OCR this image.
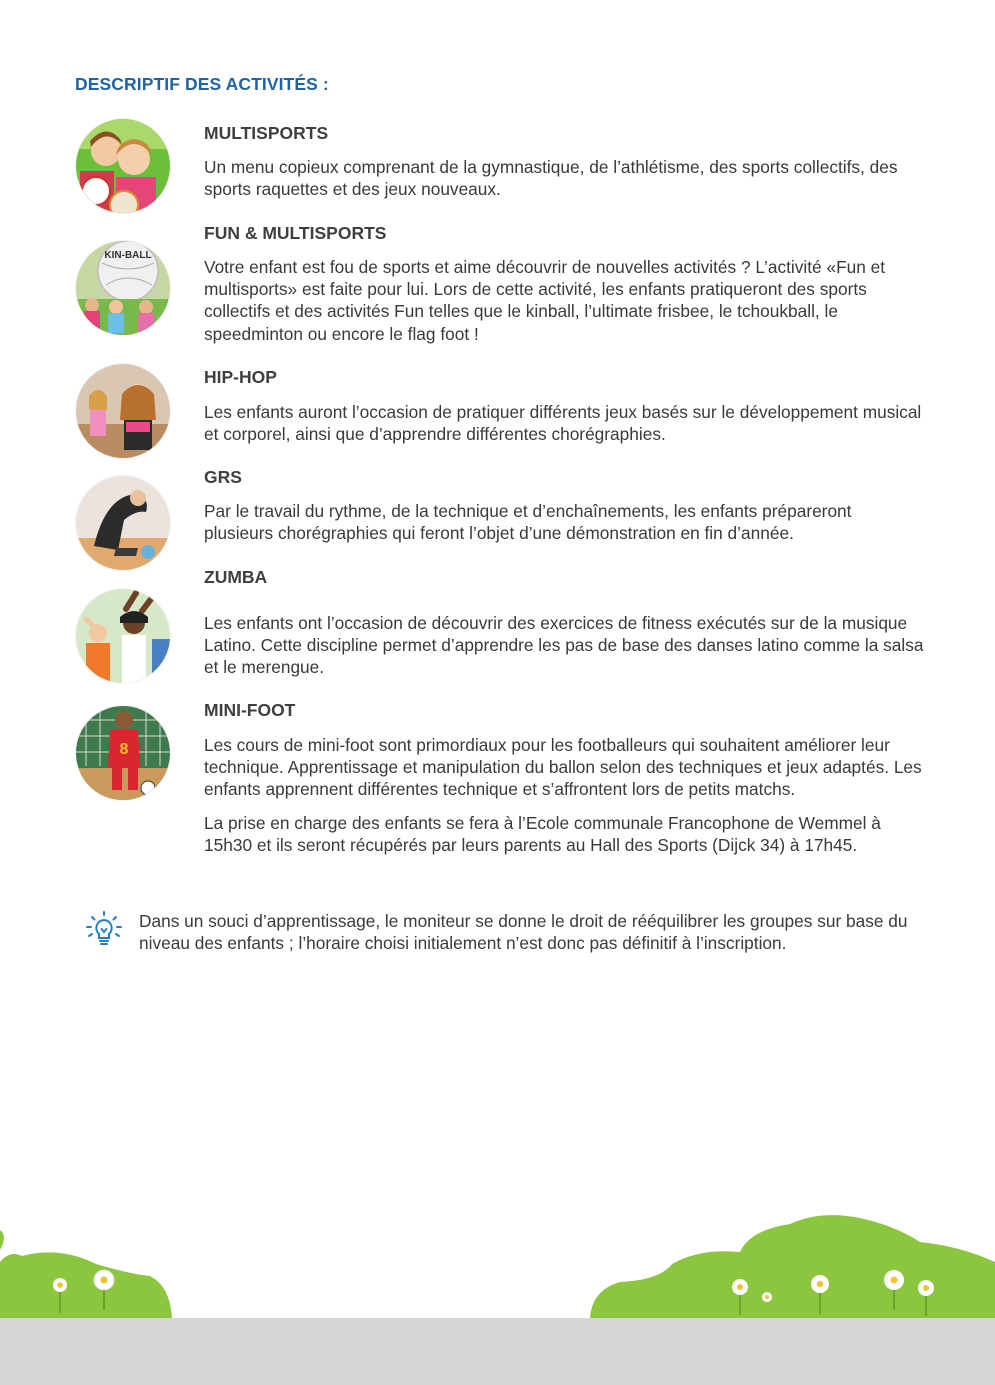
DESCRIPTIF DES ACTIVITÉS :
MULTISPORTS

Un menu copieux comprenant de la gymnastique, de l’athlétisme, des sports collectifs, des sports raquettes et des jeux nouveaux.

KIN-BALL
FUN & MULTISPORTS

Votre enfant est fou de sports et aime découvrir de nouvelles activités ? L’activité «Fun et multisports» est faite pour lui. Lors de cette activité, les enfants pratiqueront des sports collectifs et des activités Fun telles que le kinball, l’ultimate frisbee, le tchoukball, le speedminton ou encore le flag foot !

HIP-HOP

Les enfants auront l’occasion de pratiquer différents jeux basés sur le développement musical et corporel, ainsi que d’apprendre différentes chorégraphies.

GRS

Par le travail du rythme, de la technique et d’enchaînements, les enfants prépareront plusieurs chorégraphies qui feront l’objet d’une démonstration en fin d’année.

ZUMBA

Les enfants ont l’occasion de découvrir des exercices de fitness exécutés sur de la musique Latino. Cette discipline permet d’apprendre les pas de base des danses latino comme la salsa et le merengue.

8
MINI-FOOT

Les cours de mini-foot sont primordiaux pour les footballeurs qui souhaitent améliorer leur technique. Apprentissage et manipulation du ballon selon des techniques et jeux adaptés. Les enfants apprennent différentes technique et s’affrontent lors de petits matchs.

La prise en charge des enfants se fera à l’Ecole communale Francophone de Wemmel à 15h30 et ils seront récupérés par leurs parents au Hall des Sports (Dijck 34) à 17h45.

Dans un souci d’apprentissage, le moniteur se donne le droit de rééquilibrer les groupes sur base du niveau des enfants ; l’horaire choisi initialement n’est donc pas définitif à l’inscription.
